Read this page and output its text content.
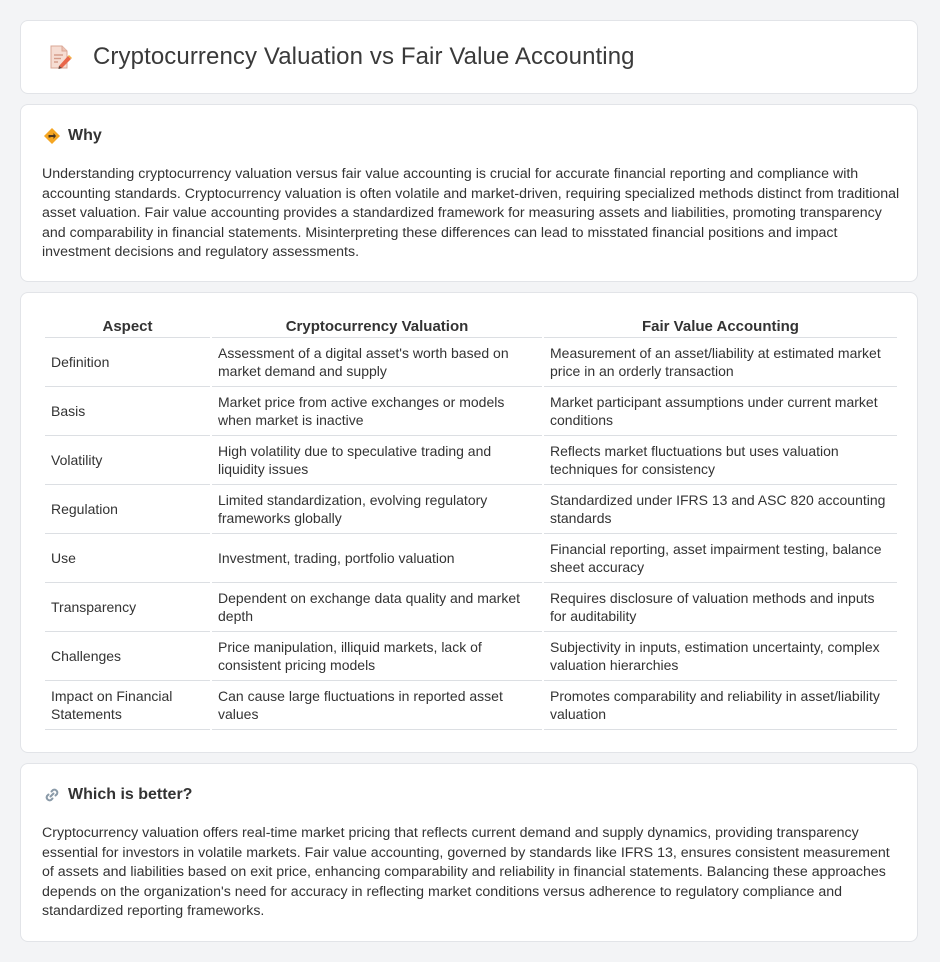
Cryptocurrency Valuation vs Fair Value Accounting
Why
Understanding cryptocurrency valuation versus fair value accounting is crucial for accurate financial reporting and compliance with accounting standards. Cryptocurrency valuation is often volatile and market-driven, requiring specialized methods distinct from traditional asset valuation. Fair value accounting provides a standardized framework for measuring assets and liabilities, promoting transparency and comparability in financial statements. Misinterpreting these differences can lead to misstated financial positions and impact investment decisions and regulatory assessments.
Aspect	Cryptocurrency Valuation	Fair Value Accounting
Definition	Assessment of a digital asset's worth based on market demand and supply	Measurement of an asset/liability at estimated market price in an orderly transaction
Basis	Market price from active exchanges or models when market is inactive	Market participant assumptions under current market conditions
Volatility	High volatility due to speculative trading and liquidity issues	Reflects market fluctuations but uses valuation techniques for consistency
Regulation	Limited standardization, evolving regulatory frameworks globally	Standardized under IFRS 13 and ASC 820 accounting standards
Use	Investment, trading, portfolio valuation	Financial reporting, asset impairment testing, balance sheet accuracy
Transparency	Dependent on exchange data quality and market depth	Requires disclosure of valuation methods and inputs for auditability
Challenges	Price manipulation, illiquid markets, lack of consistent pricing models	Subjectivity in inputs, estimation uncertainty, complex valuation hierarchies
Impact on Financial Statements	Can cause large fluctuations in reported asset values	Promotes comparability and reliability in asset/liability valuation
Which is better?
Cryptocurrency valuation offers real-time market pricing that reflects current demand and supply dynamics, providing transparency essential for investors in volatile markets. Fair value accounting, governed by standards like IFRS 13, ensures consistent measurement of assets and liabilities based on exit price, enhancing comparability and reliability in financial statements. Balancing these approaches depends on the organization's need for accuracy in reflecting market conditions versus adherence to regulatory compliance and standardized reporting frameworks.
